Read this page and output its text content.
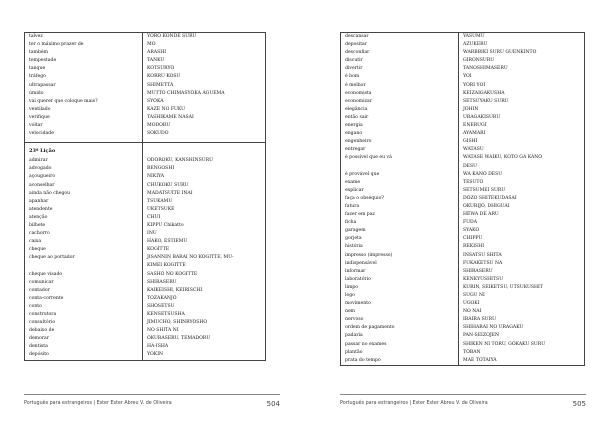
talvez	YORO KONDE SURU
ter o máximo prazer de	MO
também	ARASHI
tempestade	TANKU
tanque	KOTSÛRYÔ
tráfego	KORRU KOSU
ultrapassar	SHIMETTA
úmido	MUTTO CHIMASYÔKA AGUEMA
vai querer que coloque mais?	SYÔKA
ventilado	KAZE NO FUKU
verifique	TASHIKAME NASAI
voltar	MODORU
velocidade	SOKUDO
23ª Lição
admirar	ODOROKU, KANSHINSURU
advogado	BENGOSHI
açougueiro	NIKIYA
aconselhar	CHÛKOKU SURU
ainda não chegou	MADATSUITE INAI
apanhar	TSUKAMU
atendente	ÛKETSUKE
atenção	CHÛI
bilhete	KIPPU Chikatto
cachorro	INU
caixa	HAKO, ESTIEMU
cheque	KOGITTE
cheque ao portador	JISANNIN BARAI NO KOGITTE, MU-
KIMEI KOGITTE
cheque visado	SASHÔ NO KOGITTE
comunicar	SHIRASERU
contador	KAIKEISHI, KEIRISCHI
conta-corrente	TOZAKANJÔ
conto	SHÔSETSU
construtora	KENSETSUSHA
consultório	JIMUCHO, SHINRYÔSHO
debaixo de	NO SHITA NI
demorar	OKURASERU, TEMADORU
dentista	HA-ISHA
depósito	YOKIN
Português para estrangeiros | Ester Ester Abreu V. de Oliveira	504
descansar	YASUMU
depositar	AZUKERU
desconfiar	WARBBIKI SURU GUENKINTO
discutir	GIRONSURU
divertir	TANOSHIMASERU
é bom	YOI
é melhor	YORI YOI
economista	KEIZAIGAKUSHA
economizar	SETSUYAKU SURU
elegância	JÔHIN
então sair	URAGAKISURU
energia	ENERUGÎ
engano	AYAMARI
engenheiro	GISHI
entregar	WATASU
é possível que eu vá	WATASE WAIKU, KOTO GA KANÔ
DESU
é provável que	WA KANÔ DESU
exame	TESUTO
explicar	SETSUMEI SURU
faça o obséquio?	DÔZO SHITEKUDASAI
fatura	OKURIJÔ, DHIGUAI
fazer em paz	HÊWA DE ARU
ficha	FUDA
garagem	SYAKO
gorjeta	CHIPPU
história	REKISHI
impresso (impresso)	INSATSU SHITA
indispensável	FUKAKETSU NA
informar	SHIRASERU
laboratório	KENKYÛSHITSU
limpo	KURIN, SEIKETSU, UTSUKUSHIT
logo	SUGU NI
movimento	UGOKI
nem	NO NAI
nervoso	IRAIRA SURU
ordem de pagamento	SHIHARAI NO URAGAKU
padaria	PAN-SEIZOJEN
passar no exames	SHIKEN NI TÔRU, GÔKAKU SURU
plantão	TÔBAN
prata do tempo	MAE TOTAIYA
Português para estrangeiros | Ester Ester Abreu V. de Oliveira	505
